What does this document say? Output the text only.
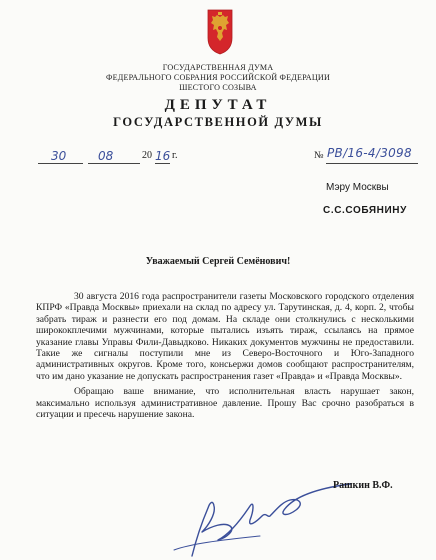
ГОСУДАРСТВЕННАЯ ДУМА
ФЕДЕРАЛЬНОГО СОБРАНИЯ РОССИЙСКОЙ ФЕДЕРАЦИИ
ШЕСТОГО СОЗЫВА
ДЕПУТАТ
ГОСУДАРСТВЕННОЙ ДУМЫ
30	08	20 16 г.	№ РВ/16-4/3098
Мэру Москвы
С.С.СОБЯНИНУ
Уважаемый Сергей Семёнович!

30 августа 2016 года распространители газеты Московского городского отделения КПРФ «Правда Москвы» приехали на склад по адресу ул. Тарутинская, д. 4, корп. 2, чтобы забрать тираж и разнести его под домам. На складе они столкнулись с несколькими ширококплечими мужчинами, которые пытались изъять тираж, ссылаясь на прямое указание главы Управы Фили-Давыдково. Никаких документов мужчины не предоставили. Такие же сигналы поступили мне из Северо-Восточного и Юго-Западного административных округов. Кроме того, консьержи домов сообщают распространителям, что им дано указание не допускать распространения газет «Правда» и «Правда Москвы».

Обращаю ваше внимание, что исполнительная власть нарушает закон, максимально используя административное давление. Прошу Вас срочно разобраться в ситуации и пресечь нарушение закона.

Рашкин В.Ф.
